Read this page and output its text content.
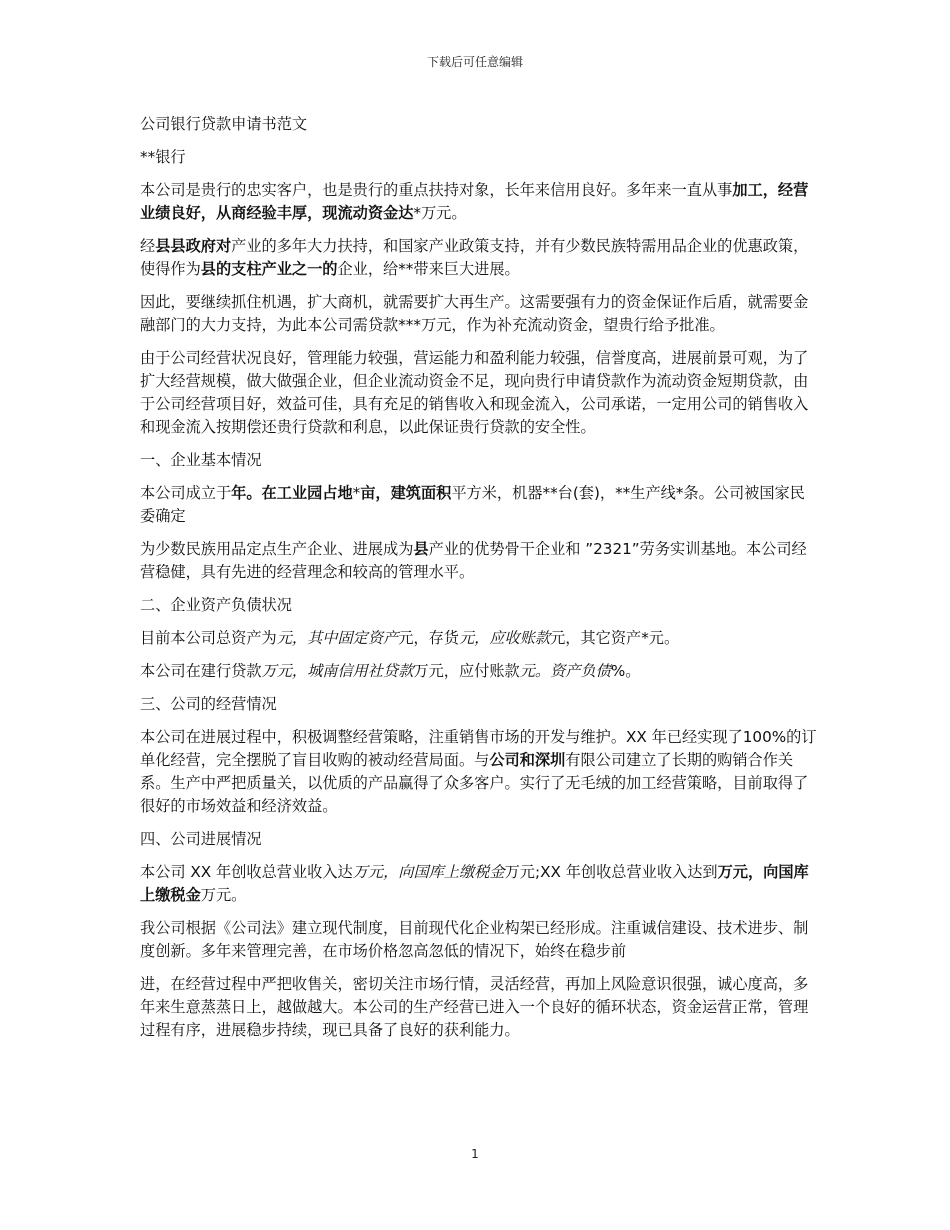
下载后可任意编辑

公司银行贷款申请书范文

**银行

本公司是贵行的忠实客户，也是贵行的重点扶持对象，长年来信用良好。多年来一直从事加工，经营业绩良好，从商经验丰厚，现流动资金达*万元。

经县县政府对产业的多年大力扶持，和国家产业政策支持，并有少数民族特需用品企业的优惠政策，使得作为县的支柱产业之一的企业，给**带来巨大进展。

因此，要继续抓住机遇，扩大商机，就需要扩大再生产。这需要强有力的资金保证作后盾，就需要金融部门的大力支持，为此本公司需贷款***万元，作为补充流动资金，望贵行给予批准。

由于公司经营状况良好，管理能力较强，营运能力和盈利能力较强，信誉度高，进展前景可观，为了扩大经营规模，做大做强企业，但企业流动资金不足，现向贵行申请贷款作为流动资金短期贷款，由于公司经营项目好，效益可佳，具有充足的销售收入和现金流入，公司承诺，一定用公司的销售收入和现金流入按期偿还贵行贷款和利息，以此保证贵行贷款的安全性。

一、企业基本情况

本公司成立于年。在工业园占地*亩，建筑面积平方米，机器**台(套)，**生产线*条。公司被国家民委确定

为少数民族用品定点生产企业、进展成为县产业的优势骨干企业和 ”2321”劳务实训基地。本公司经营稳健，具有先进的经营理念和较高的管理水平。

二、企业资产负债状况

目前本公司总资产为元，其中固定资产元，存货元，应收账款元，其它资产*元。

本公司在建行贷款万元，城南信用社贷款万元，应付账款元。资产负债%。

三、公司的经营情况

本公司在进展过程中，积极调整经营策略，注重销售市场的开发与维护。XX 年已经实现了100%的订单化经营，完全摆脱了盲目收购的被动经营局面。与公司和深圳有限公司建立了长期的购销合作关系。生产中严把质量关，以优质的产品赢得了众多客户。实行了无毛绒的加工经营策略，目前取得了很好的市场效益和经济效益。

四、公司进展情况

本公司 XX 年创收总营业收入达万元，向国库上缴税金万元;XX 年创收总营业收入达到万元，向国库上缴税金万元。

我公司根据《公司法》建立现代制度，目前现代化企业构架已经形成。注重诚信建设、技术进步、制度创新。多年来管理完善，在市场价格忽高忽低的情况下，始终在稳步前

进，在经营过程中严把收售关，密切关注市场行情，灵活经营，再加上风险意识很强，诚心度高，多年来生意蒸蒸日上，越做越大。本公司的生产经营已进入一个良好的循环状态，资金运营正常，管理过程有序，进展稳步持续，现已具备了良好的获利能力。

1
